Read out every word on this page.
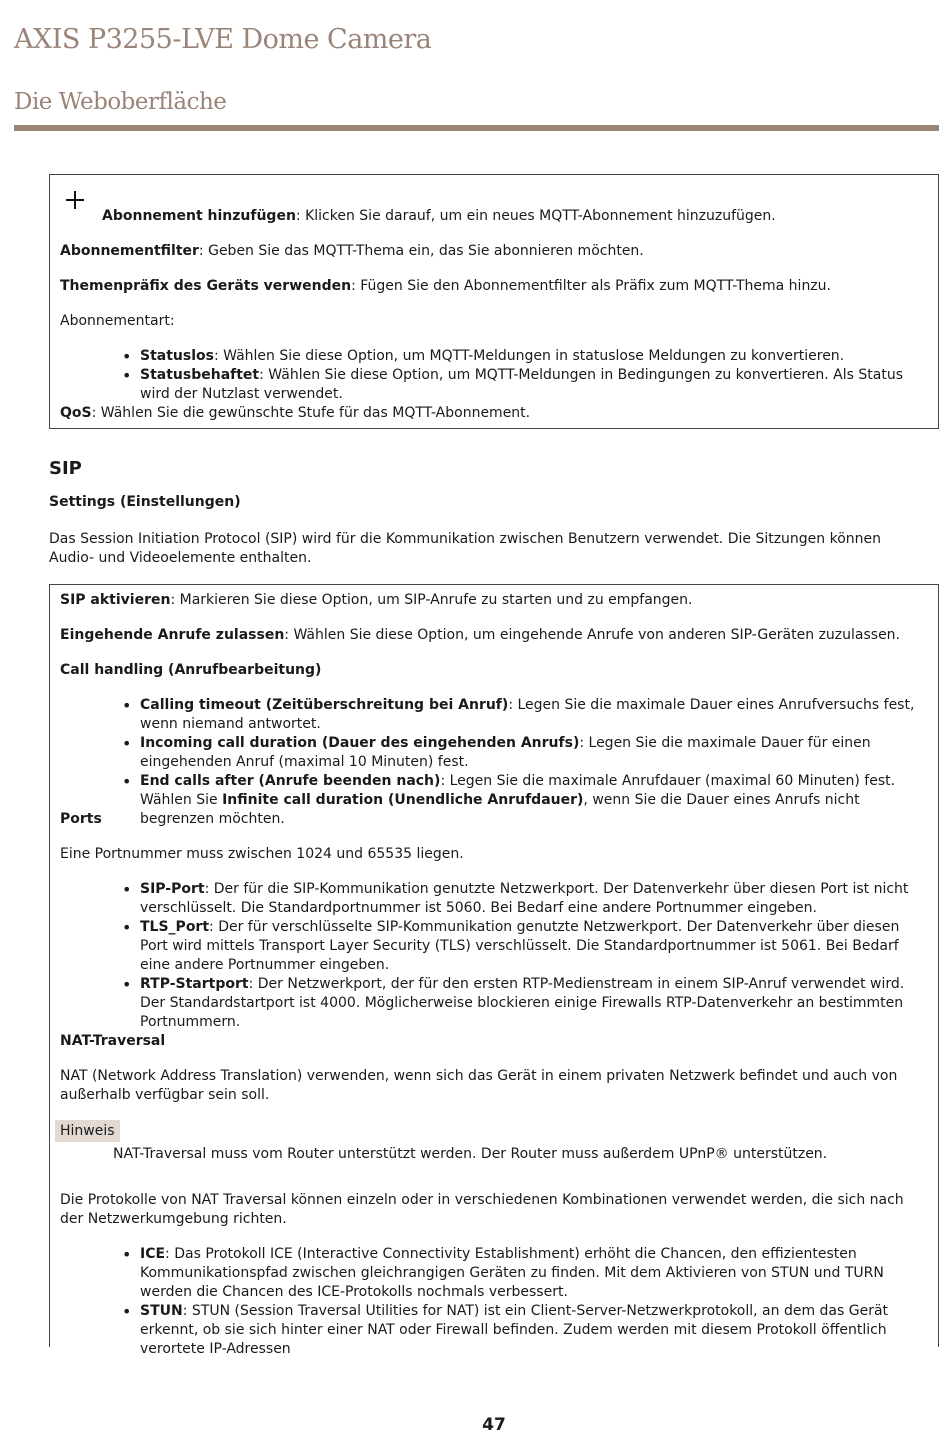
AXIS P3255-LVE Dome Camera
Die Weboberfläche

Abonnement hinzufügen: Klicken Sie darauf, um ein neues MQTT-Abonnement hinzuzufügen.

Abonnementfilter: Geben Sie das MQTT-Thema ein, das Sie abonnieren möchten.

Themenpräfix des Geräts verwenden: Fügen Sie den Abonnementfilter als Präfix zum MQTT-Thema hinzu.

Abonnementart:

• Statuslos: Wählen Sie diese Option, um MQTT-Meldungen in statuslose Meldungen zu konvertieren.
• Statusbehaftet: Wählen Sie diese Option, um MQTT-Meldungen in Bedingungen zu konvertieren. Als Status wird der Nutzlast verwendet.

QoS: Wählen Sie die gewünschte Stufe für das MQTT-Abonnement.

SIP
Settings (Einstellungen)

Das Session Initiation Protocol (SIP) wird für die Kommunikation zwischen Benutzern verwendet. Die Sitzungen können Audio- und Videoelemente enthalten.

SIP aktivieren: Markieren Sie diese Option, um SIP-Anrufe zu starten und zu empfangen.

Eingehende Anrufe zulassen: Wählen Sie diese Option, um eingehende Anrufe von anderen SIP-Geräten zuzulassen.

Call handling (Anrufbearbeitung)

• Calling timeout (Zeitüberschreitung bei Anruf): Legen Sie die maximale Dauer eines Anrufversuchs fest, wenn niemand antwortet.
• Incoming call duration (Dauer des eingehenden Anrufs): Legen Sie die maximale Dauer für einen eingehenden Anruf (maximal 10 Minuten) fest.
• End calls after (Anrufe beenden nach): Legen Sie die maximale Anrufdauer (maximal 60 Minuten) fest. Wählen Sie Infinite call duration (Unendliche Anrufdauer), wenn Sie die Dauer eines Anrufs nicht begrenzen möchten.

Ports

Eine Portnummer muss zwischen 1024 und 65535 liegen.

• SIP-Port: Der für die SIP-Kommunikation genutzte Netzwerkport. Der Datenverkehr über diesen Port ist nicht verschlüsselt. Die Standardportnummer ist 5060. Bei Bedarf eine andere Portnummer eingeben.
• TLS_Port: Der für verschlüsselte SIP-Kommunikation genutzte Netzwerkport. Der Datenverkehr über diesen Port wird mittels Transport Layer Security (TLS) verschlüsselt. Die Standardportnummer ist 5061. Bei Bedarf eine andere Portnummer eingeben.
• RTP-Startport: Der Netzwerkport, der für den ersten RTP-Medienstream in einem SIP-Anruf verwendet wird. Der Standardstartport ist 4000. Möglicherweise blockieren einige Firewalls RTP-Datenverkehr an bestimmten Portnummern.

NAT-Traversal

NAT (Network Address Translation) verwenden, wenn sich das Gerät in einem privaten Netzwerk befindet und auch von außerhalb verfügbar sein soll.

Hinweis

NAT-Traversal muss vom Router unterstützt werden. Der Router muss außerdem UPnP® unterstützen.

Die Protokolle von NAT Traversal können einzeln oder in verschiedenen Kombinationen verwendet werden, die sich nach der Netzwerkumgebung richten.

• ICE: Das Protokoll ICE (Interactive Connectivity Establishment) erhöht die Chancen, den effizientesten Kommunikationspfad zwischen gleichrangigen Geräten zu finden. Mit dem Aktivieren von STUN und TURN werden die Chancen des ICE-Protokolls nochmals verbessert.
• STUN: STUN (Session Traversal Utilities for NAT) ist ein Client-Server-Netzwerkprotokoll, an dem das Gerät erkennt, ob sie sich hinter einer NAT oder Firewall befinden. Zudem werden mit diesem Protokoll öffentlich verortete IP-Adressen
47
